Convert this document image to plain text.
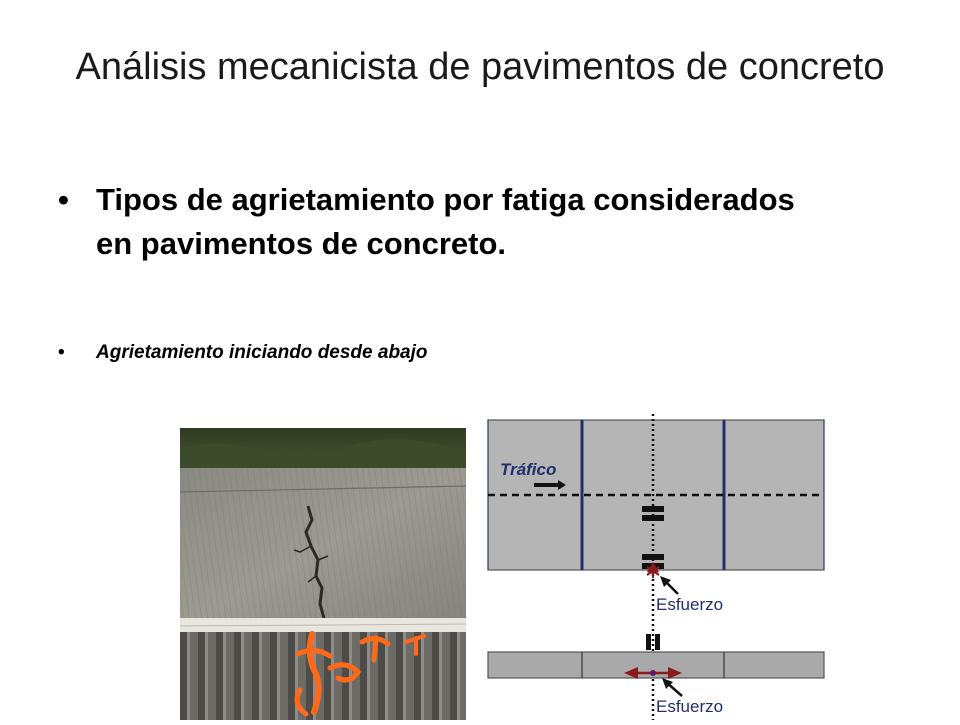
Análisis mecanicista de pavimentos de concreto
• Tipos de agrietamiento por fatiga considerados en pavimentos de concreto.
• Agrietamiento iniciando desde abajo
Tráfico
Esfuerzo
Esfuerzo
